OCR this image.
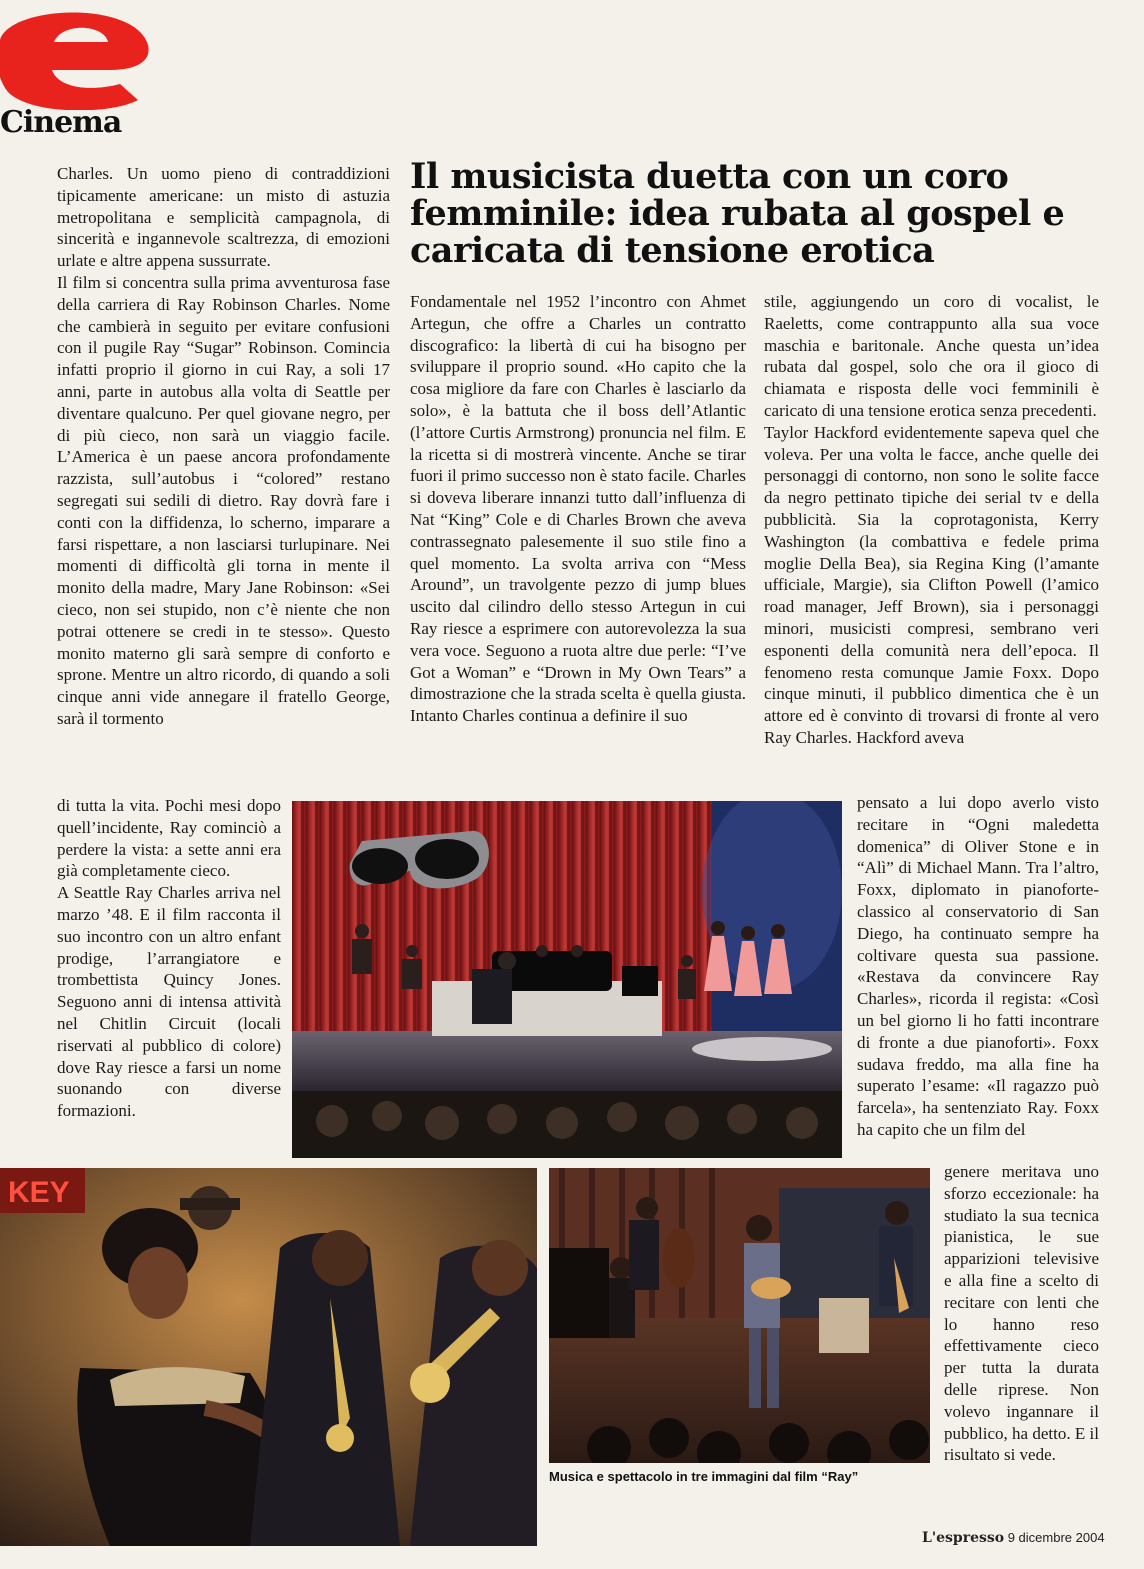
Cinema
Il musicista duetta con un coro femminile: idea rubata al gospel e caricata di tensione erotica

Charles. Un uomo pieno di contraddizioni tipicamente americane: un misto di astuzia metropolitana e semplicità campagnola, di sincerità e ingannevole scaltrezza, di emozioni urlate e altre appena sussurrate.

Il film si concentra sulla prima avventurosa fase della carriera di Ray Robinson Charles. Nome che cambierà in seguito per evitare confusioni con il pugile Ray “Sugar” Robinson. Comincia infatti proprio il giorno in cui Ray, a soli 17 anni, parte in autobus alla volta di Seattle per diventare qualcuno. Per quel giovane negro, per di più cieco, non sarà un viaggio facile. L’America è un paese ancora profondamente razzista, sull’autobus i “colored” restano segregati sui sedili di dietro. Ray dovrà fare i conti con la diffidenza, lo scherno, imparare a farsi rispettare, a non lasciarsi turlupinare. Nei momenti di difficoltà gli torna in mente il monito della madre, Mary Jane Robinson: «Sei cieco, non sei stupido, non c’è niente che non potrai ottenere se credi in te stesso». Questo monito materno gli sarà sempre di conforto e sprone. Mentre un altro ricordo, di quando a soli cinque anni vide annegare il fratello George, sarà il tormento

di tutta la vita. Pochi mesi dopo quell’incidente, Ray cominciò a perdere la vista: a sette anni era già completamente cieco.

A Seattle Ray Charles arriva nel marzo ’48. E il film racconta il suo incontro con un altro enfant prodige, l’arrangiatore e trombettista Quincy Jones. Seguono anni di intensa attività nel Chitlin Circuit (locali riservati al pubblico di colore) dove Ray riesce a farsi un nome suonando con diverse formazioni.

Fondamentale nel 1952 l’incontro con Ahmet Artegun, che offre a Charles un contratto discografico: la libertà di cui ha bisogno per sviluppare il proprio sound. «Ho capito che la cosa migliore da fare con Charles è lasciarlo da solo», è la battuta che il boss dell’Atlantic (l’attore Curtis Armstrong) pronuncia nel film. E la ricetta si di mostrerà vincente. Anche se tirar fuori il primo successo non è stato facile. Charles si doveva liberare innanzi tutto dall’influenza di Nat “King” Cole e di Charles Brown che aveva contrassegnato palesemente il suo stile fino a quel momento. La svolta arriva con “Mess Around”, un travolgente pezzo di jump blues uscito dal cilindro dello stesso Artegun in cui Ray riesce a esprimere con autorevolezza la sua vera voce. Seguono a ruota altre due perle: “I’ve Got a Woman” e “Drown in My Own Tears” a dimostrazione che la strada scelta è quella giusta. Intanto Charles continua a definire il suo

stile, aggiungendo un coro di vocalist, le Raeletts, come contrappunto alla sua voce maschia e baritonale. Anche questa un’idea rubata dal gospel, solo che ora il gioco di chiamata e risposta delle voci femminili è caricato di una tensione erotica senza precedenti.

Taylor Hackford evidentemente sapeva quel che voleva. Per una volta le facce, anche quelle dei personaggi di contorno, non sono le solite facce da negro pettinato tipiche dei serial tv e della pubblicità. Sia la coprotagonista, Kerry Washington (la combattiva e fedele prima moglie Della Bea), sia Regina King (l’amante ufficiale, Margie), sia Clifton Powell (l’amico road manager, Jeff Brown), sia i personaggi minori, musicisti compresi, sembrano veri esponenti della comunità nera dell’epoca. Il fenomeno resta comunque Jamie Foxx. Dopo cinque minuti, il pubblico dimentica che è un attore ed è convinto di trovarsi di fronte al vero Ray Charles. Hackford aveva

pensato a lui dopo averlo visto recitare in “Ogni maledetta domenica” di Oliver Stone e in “Alì” di Michael Mann. Tra l’altro, Foxx, diplomato in pianoforte-classico al conservatorio di San Diego, ha continuato sempre ha coltivare questa sua passione. «Restava da convincere Ray Charles», ricorda il regista: «Così un bel giorno li ho fatti incontrare di fronte a due pianoforti». Foxx sudava freddo, ma alla fine ha superato l’esame: «Il ragazzo può farcela», ha sentenziato Ray. Foxx ha capito che un film del

genere meritava uno sforzo eccezionale: ha studiato la sua tecnica pianistica, le sue apparizioni televisive e alla fine a scelto di recitare con lenti che lo hanno reso effettivamente cieco per tutta la durata delle riprese. Non volevo ingannare il pubblico, ha detto. E il risultato si vede.

KEY
Musica e spettacolo in tre immagini dal film “Ray”
L'espresso 9 dicembre 2004
